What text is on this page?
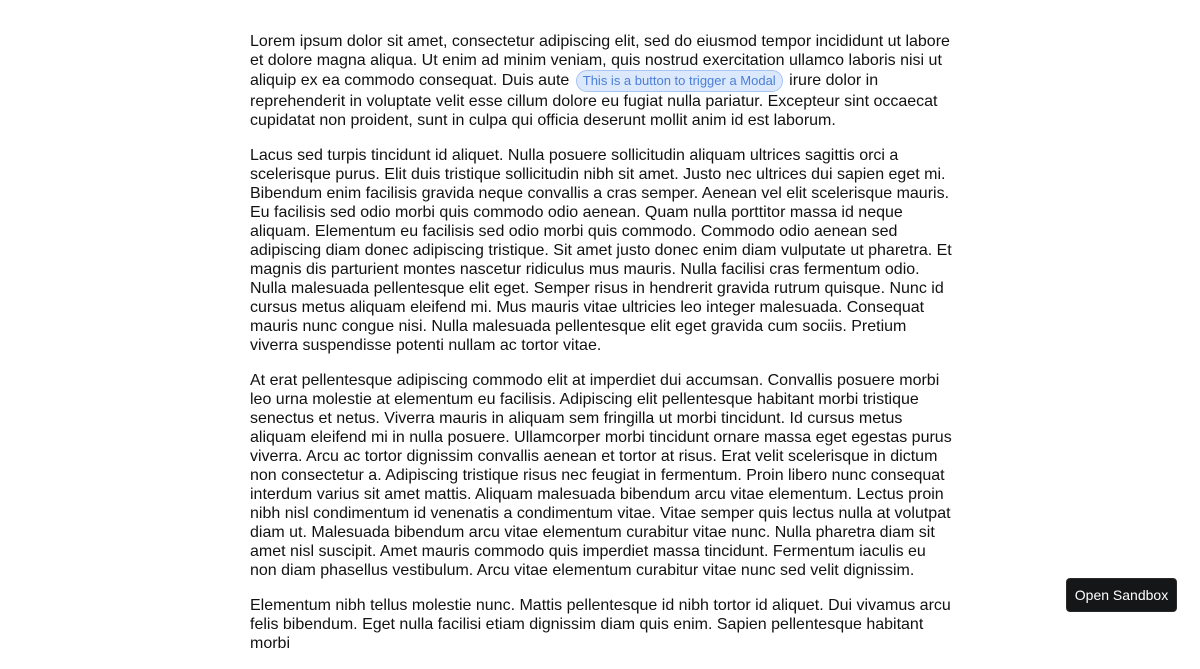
Lorem ipsum dolor sit amet, consectetur adipiscing elit, sed do eiusmod tempor incididunt ut labore et dolore magna aliqua. Ut enim ad minim veniam, quis nostrud exercitation ullamco laboris nisi ut aliquip ex ea commodo consequat. Duis aute This is a button to trigger a Modal irure dolor in reprehenderit in voluptate velit esse cillum dolore eu fugiat nulla pariatur. Excepteur sint occaecat cupidatat non proident, sunt in culpa qui officia deserunt mollit anim id est laborum.

Lacus sed turpis tincidunt id aliquet. Nulla posuere sollicitudin aliquam ultrices sagittis orci a scelerisque purus. Elit duis tristique sollicitudin nibh sit amet. Justo nec ultrices dui sapien eget mi. Bibendum enim facilisis gravida neque convallis a cras semper. Aenean vel elit scelerisque mauris. Eu facilisis sed odio morbi quis commodo odio aenean. Quam nulla porttitor massa id neque aliquam. Elementum eu facilisis sed odio morbi quis commodo. Commodo odio aenean sed adipiscing diam donec adipiscing tristique. Sit amet justo donec enim diam vulputate ut pharetra. Et magnis dis parturient montes nascetur ridiculus mus mauris. Nulla facilisi cras fermentum odio. Nulla malesuada pellentesque elit eget. Semper risus in hendrerit gravida rutrum quisque. Nunc id cursus metus aliquam eleifend mi. Mus mauris vitae ultricies leo integer malesuada. Consequat mauris nunc congue nisi. Nulla malesuada pellentesque elit eget gravida cum sociis. Pretium viverra suspendisse potenti nullam ac tortor vitae.

At erat pellentesque adipiscing commodo elit at imperdiet dui accumsan. Convallis posuere morbi leo urna molestie at elementum eu facilisis. Adipiscing elit pellentesque habitant morbi tristique senectus et netus. Viverra mauris in aliquam sem fringilla ut morbi tincidunt. Id cursus metus aliquam eleifend mi in nulla posuere. Ullamcorper morbi tincidunt ornare massa eget egestas purus viverra. Arcu ac tortor dignissim convallis aenean et tortor at risus. Erat velit scelerisque in dictum non consectetur a. Adipiscing tristique risus nec feugiat in fermentum. Proin libero nunc consequat interdum varius sit amet mattis. Aliquam malesuada bibendum arcu vitae elementum. Lectus proin nibh nisl condimentum id venenatis a condimentum vitae. Vitae semper quis lectus nulla at volutpat diam ut. Malesuada bibendum arcu vitae elementum curabitur vitae nunc. Nulla pharetra diam sit amet nisl suscipit. Amet mauris commodo quis imperdiet massa tincidunt. Fermentum iaculis eu non diam phasellus vestibulum. Arcu vitae elementum curabitur vitae nunc sed velit dignissim.

Elementum nibh tellus molestie nunc. Mattis pellentesque id nibh tortor id aliquet. Dui vivamus arcu felis bibendum. Eget nulla facilisi etiam dignissim diam quis enim. Sapien pellentesque habitant morbi

Open Sandbox
